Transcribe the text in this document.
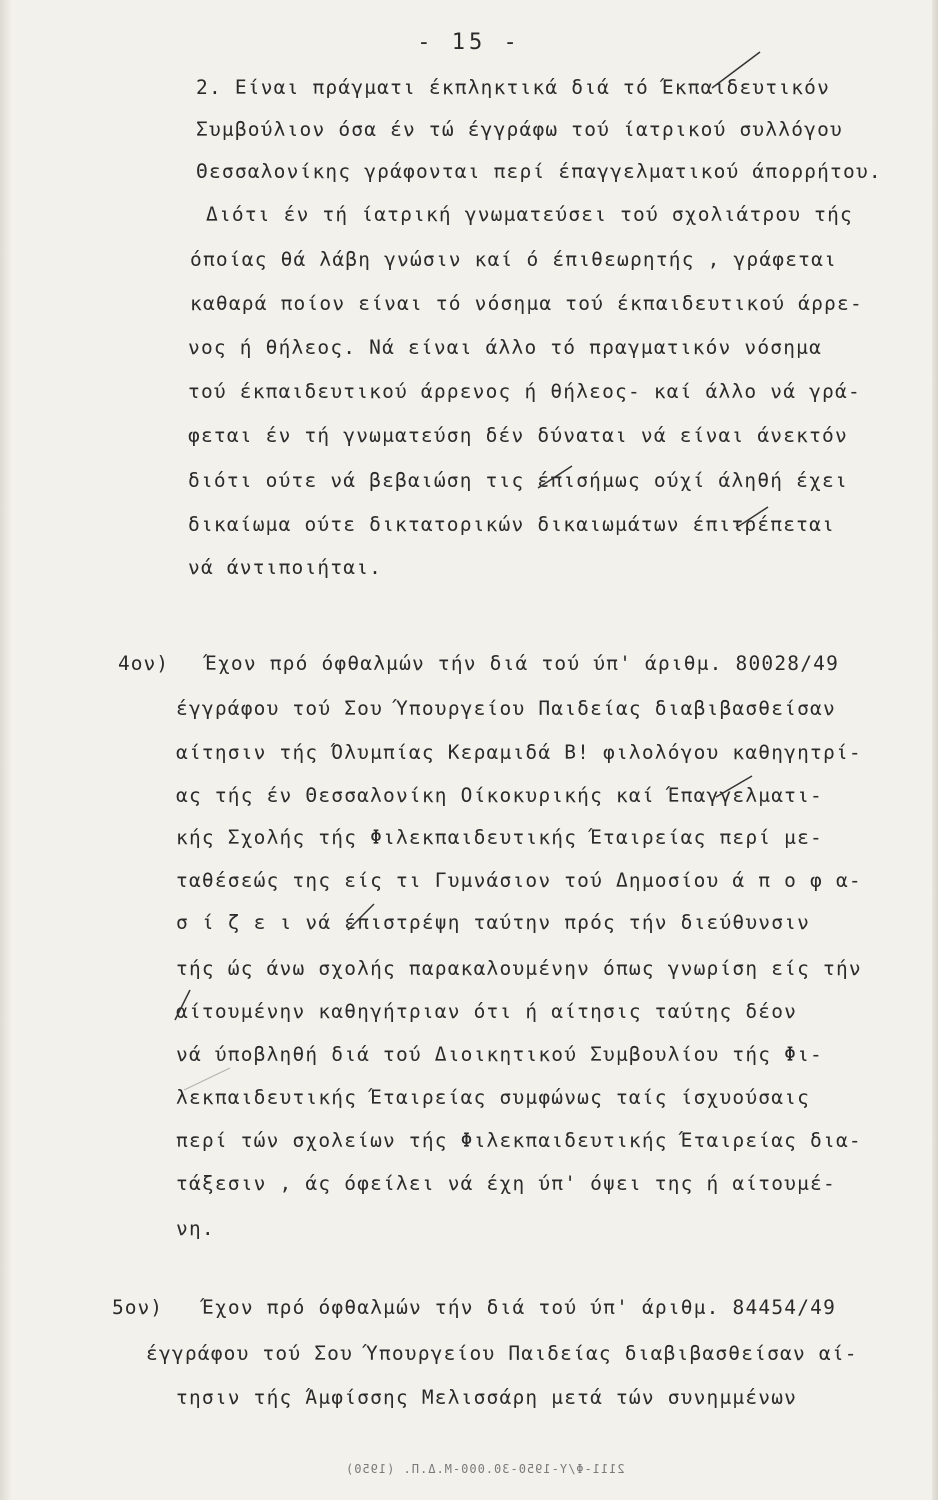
- 15 -
2. Είναι πράγματι έκπληκτικά διά τό Έκπαιδευτικόν
Συμβούλιον όσα έν τώ έγγράφω τού ίατρικού συλλόγου
Θεσσαλονίκης γράφονται περί έπαγγελματικού άπορρήτου.
Διότι έν τή ίατρική γνωματεύσει τού σχολιάτρου τής
όποίας θά λάβη γνώσιν καί ό έπιθεωρητής , γράφεται
καθαρά ποίον είναι τό νόσημα τού έκπαιδευτικού άρρε-
νος ή θήλεος. Νά είναι άλλο τό πραγματικόν νόσημα
τού έκπαιδευτικού άρρενος ή θήλεος- καί άλλο νά γρά-
φεται έν τή γνωματεύση δέν δύναται νά είναι άνεκτόν
διότι ούτε νά βεβαιώση τις έπισήμως ούχί άληθή έχει
δικαίωμα ούτε δικτατορικών δικαιωμάτων έπιτρέπεται
νά άντιποιήται.
4ον) Έχον πρό όφθαλμών τήν διά τού ύπ' άριθμ. 80028/49
έγγράφου τού Σου Ύπουργείου Παιδείας διαβιβασθείσαν
αίτησιν τής Όλυμπίας Κεραμιδά Β! φιλολόγου καθηγητρί-
ας τής έν Θεσσαλονίκη Οίκοκυρικής καί Έπαγγελματι-
κής Σχολής τής Φιλεκπαιδευτικής Έταιρείας περί με-
ταθέσεώς της είς τι Γυμνάσιον τού Δημοσίου ά π ο φ α-
σ ί ζ ε ι νά έπιστρέψη ταύτην πρός τήν διεύθυνσιν
τής ώς άνω σχολής παρακαλουμένην όπως γνωρίση είς τήν
αίτουμένην καθηγήτριαν ότι ή αίτησις ταύτης δέον
νά ύποβληθή διά τού Διοικητικού Συμβουλίου τής Φι-
λεκπαιδευτικής Έταιρείας συμφώνως ταίς ίσχυούσαις
περί τών σχολείων τής Φιλεκπαιδευτικής Έταιρείας δια-
τάξεσιν , άς όφείλει νά έχη ύπ' όψει της ή αίτουμέ-
νη.
5ον) Έχον πρό όφθαλμών τήν διά τού ύπ' άριθμ. 84454/49
έγγράφου τού Σου Ύπουργείου Παιδείας διαβιβασθείσαν αί-
τησιν τής Άμφίσσης Μελισσάρη μετά τών συνημμένων
2111-Φ/Υ-1950-30.000-Μ.Δ.Π. (1950)
